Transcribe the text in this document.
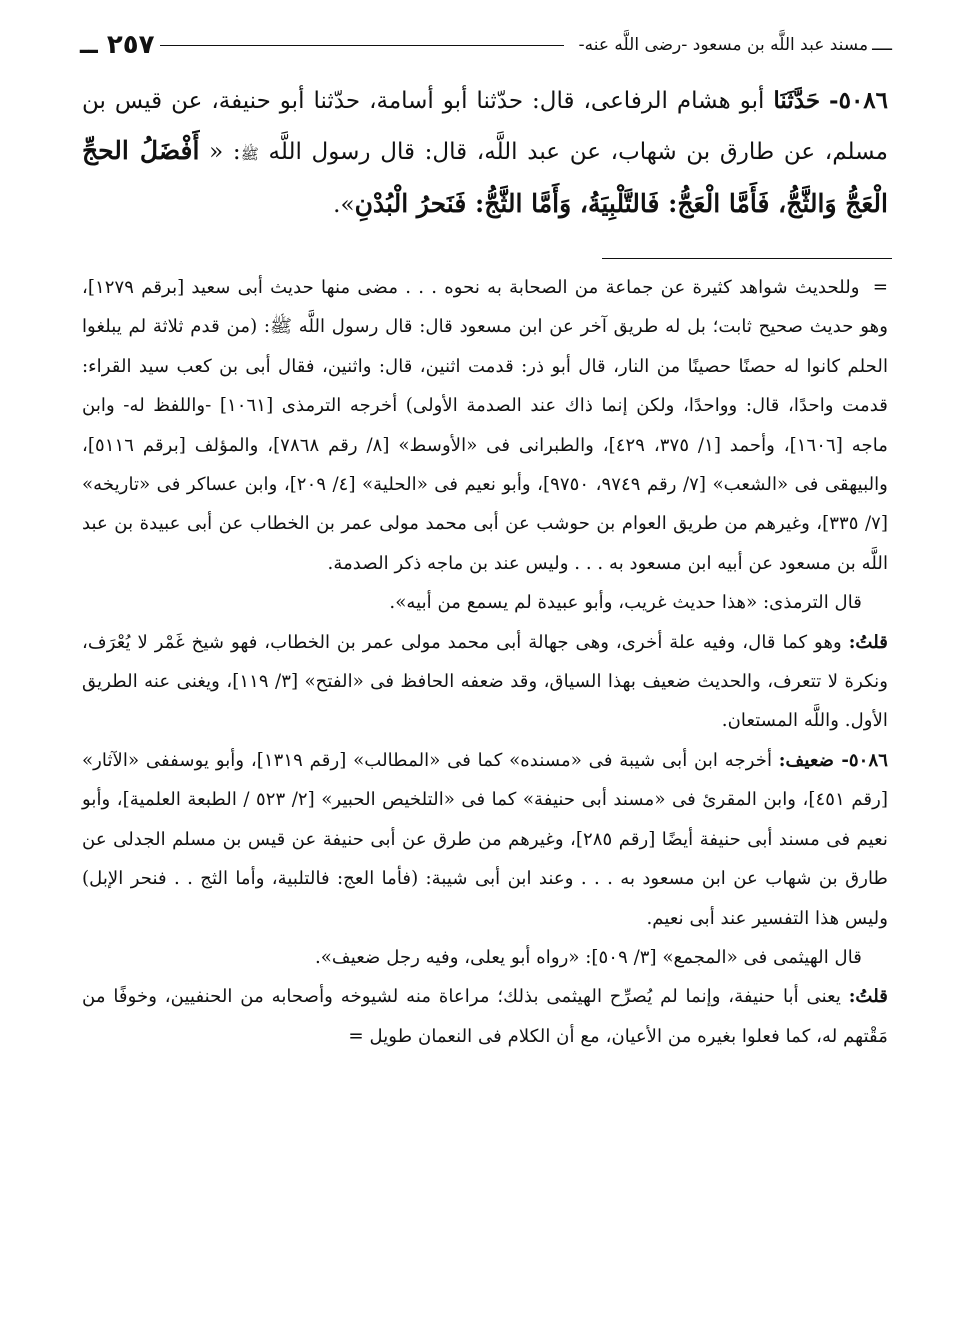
ــــ
مسند عبد اللَّه بن مسعود -رضى اللَّه عنه-
٢٥٧ ــ
٥٠٨٦- حَدَّثَنَا أبو هشام الرفاعى، قال: حدّثنا أبو أسامة، حدّثنا أبو حنيفة، عن قيس بن مسلم، عن طارق بن شهاب، عن عبد اللَّه، قال: قال رسول اللَّه ﷺ: « أَفْضَلُ الحجِّ الْعَجُّ وَالثَّجُّ، فَأَمَّا الْعَجُّ: فَالتَّلْبِيَةُ، وَأَمَّا الثَّجُّ: فَنَحرُ الْبُدْنِ».

= وللحديث شواهد كثيرة عن جماعة من الصحابة به نحوه . . . مضى منها حديث أبى سعيد [برقم ١٢٧٩]، وهو حديث صحيح ثابت؛ بل له طريق آخر عن ابن مسعود قال: قال رسول اللَّه ﷺ: (من قدم ثلاثة لم يبلغوا الحلم كانوا له حصنًا حصينًا من النار، قال أبو ذر: قدمت اثنين، قال: واثنين، فقال أبى بن كعب سيد القراء: قدمت واحدًا، قال: وواحدًا، ولكن إنما ذاك عند الصدمة الأولى) أخرجه الترمذى [١٠٦١] -واللفظ له- وابن ماجه [١٦٠٦]، وأحمد [١/ ٣٧٥، ٤٢٩]، والطبرانى فى «الأوسط» [٨/ رقم ٧٨٦٨]، والمؤلف [برقم ٥١١٦]، والبيهقى فى «الشعب» [٧/ رقم ٩٧٤٩، ٩٧٥٠]، وأبو نعيم فى «الحلية» [٤/ ٢٠٩]، وابن عساكر فى «تاريخه» [٧/ ٣٣٥]، وغيرهم من طريق العوام بن حوشب عن أبى محمد مولى عمر بن الخطاب عن أبى عبيدة بن عبد اللَّه بن مسعود عن أبيه ابن مسعود به . . . وليس عند بن ماجه ذكر الصدمة.

قال الترمذى: «هذا حديث غريب، وأبو عبيدة لم يسمع من أبيه».

قلتُ: وهو كما قال، وفيه علة أخرى، وهى جهالة أبى محمد مولى عمر بن الخطاب، فهو شيخ غَمْر لا يُعْرَف، ونكرة لا تتعرف، والحديث ضعيف بهذا السياق، وقد ضعفه الحافظ فى «الفتح» [٣/ ١١٩]، ويغنى عنه الطريق الأول. واللَّه المستعان.

٥٠٨٦- ضعيف: أخرجه ابن أبى شيبة فى «مسنده» كما فى «المطالب» [رقم ١٣١٩]، وأبو يوسففى «الآثار» [رقم ٤٥١]، وابن المقرئ فى «مسند أبى حنيفة» كما فى «التلخيص الحبير» [٢/ ٥٢٣ / الطبعة العلمية]، وأبو نعيم فى مسند أبى حنيفة أيضًا [رقم ٢٨٥]، وغيرهم من طرق عن أبى حنيفة عن قيس بن مسلم الجدلى عن طارق بن شهاب عن ابن مسعود به . . . وعند ابن أبى شيبة: (فأما العج: فالتلبية، وأما الثج . . فنحر الإبل) وليس هذا التفسير عند أبى نعيم.

قال الهيثمى فى «المجمع» [٣/ ٥٠٩]: «رواه أبو يعلى، وفيه رجل ضعيف».

قلتُ: يعنى أبا حنيفة، وإنما لم يُصرِّح الهيثمى بذلك؛ مراعاة منه لشيوخه وأصحابه من الحنفيين، وخوفًا من مَقْتهم له، كما فعلوا بغيره من الأعيان، مع أن الكلام فى النعمان طويل =
